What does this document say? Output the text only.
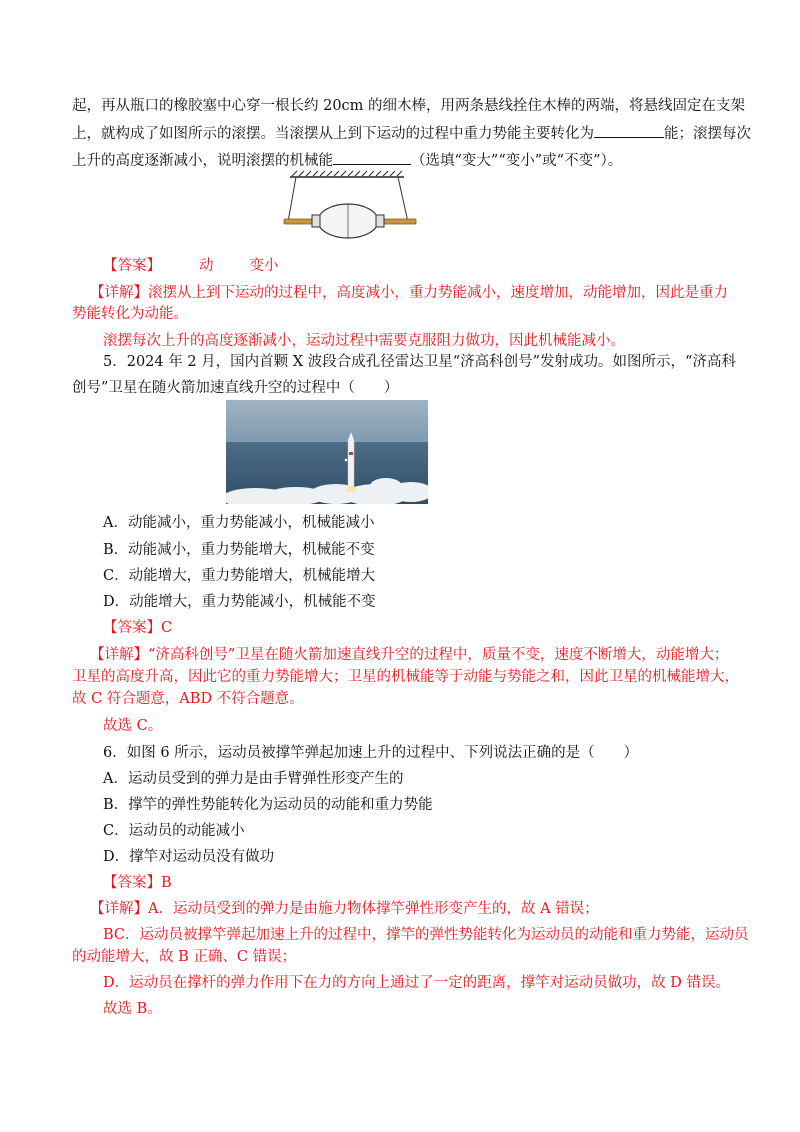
起，再从瓶口的橡胶塞中心穿一根长约 20cm 的细木棒，用两条悬线拴住木棒的两端，将悬线固定在支架
上，就构成了如图所示的滚摆。当滚摆从上到下运动的过程中重力势能主要转化为	能；滚摆每次
上升的高度逐渐减小，说明滚摆的机械能	（选填“变大”“变小”或“不变”）。
【答案】	动 变小
【详解】滚摆从上到下运动的过程中，高度减小，重力势能减小，速度增加，动能增加，因此是重力
势能转化为动能。
滚摆每次上升的高度逐渐减小，运动过程中需要克服阻力做功，因此机械能减小。
5．2024 年 2 月，国内首颗 X 波段合成孔径雷达卫星“济高科创号”发射成功。如图所示，“济高科
创号”卫星在随火箭加速直线升空的过程中（　　）
A．动能减小，重力势能减小，机械能减小
B．动能减小，重力势能增大，机械能不变
C．动能增大，重力势能增大，机械能增大
D．动能增大，重力势能减小，机械能不变
【答案】C
【详解】“济高科创号”卫星在随火箭加速直线升空的过程中，质量不变，速度不断增大，动能增大；
卫星的高度升高，因此它的重力势能增大；卫星的机械能等于动能与势能之和，因此卫星的机械能增大，
故 C 符合题意，ABD 不符合题意。
故选 C。
6．如图 6 所示，运动员被撑竿弹起加速上升的过程中、下列说法正确的是（　　）
A．运动员受到的弹力是由手臂弹性形变产生的
B．撑竿的弹性势能转化为运动员的动能和重力势能
C．运动员的动能减小
D．撑竿对运动员没有做功
【答案】B
【详解】A．运动员受到的弹力是由施力物体撑竿弹性形变产生的，故 A 错误；
BC．运动员被撑竿弹起加速上升的过程中，撑竿的弹性势能转化为运动员的动能和重力势能，运动员
的动能增大，故 B 正确、C 错误；
D．运动员在撑杆的弹力作用下在力的方向上通过了一定的距离，撑竿对运动员做功，故 D 错误。
故选 B。
